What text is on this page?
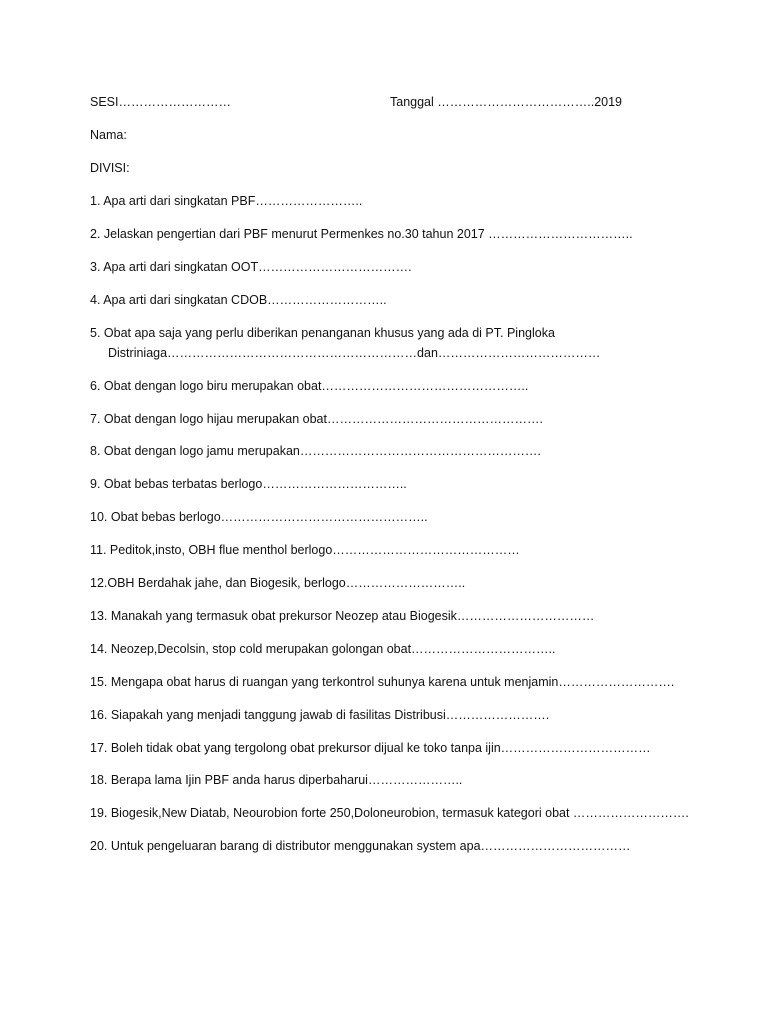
SESI………………………	Tanggal ………………………………..2019
Nama:
DIVISI:
1. Apa arti dari singkatan PBF……………………..
2. Jelaskan pengertian dari PBF menurut Permenkes no.30 tahun 2017 ……………………………..
3. Apa arti dari singkatan OOT……………………………….
4. Apa arti dari singkatan CDOB………………………..
5. Obat apa saja yang perlu diberikan penanganan khusus yang ada di PT. Pingloka
Distriniaga……………………………………………………dan…………………………………
6. Obat dengan logo biru merupakan obat…………………………………………..
7. Obat dengan logo hijau merupakan obat…………………………………………….
8. Obat dengan logo jamu merupakan………………………………………………….
9. Obat bebas terbatas berlogo……………………………..
10. Obat bebas berlogo…………………………………………..
11. Peditok,insto, OBH flue menthol berlogo………………………………………
12.OBH Berdahak jahe, dan Biogesik, berlogo………………………..
13. Manakah yang termasuk obat prekursor Neozep atau Biogesik……………………………
14. Neozep,Decolsin, stop cold merupakan golongan obat……………………………..
15. Mengapa obat harus di ruangan yang terkontrol suhunya karena untuk menjamin……………………….
16. Siapakah yang menjadi tanggung jawab di fasilitas Distribusi…………………….
17. Boleh tidak obat yang tergolong obat prekursor dijual ke toko tanpa ijin………………………………
18. Berapa lama Ijin PBF anda harus diperbaharui…………………..
19. Biogesik,New Diatab, Neourobion forte 250,Doloneurobion, termasuk kategori obat ……………………….
20. Untuk pengeluaran barang di distributor menggunakan system apa………………………………
